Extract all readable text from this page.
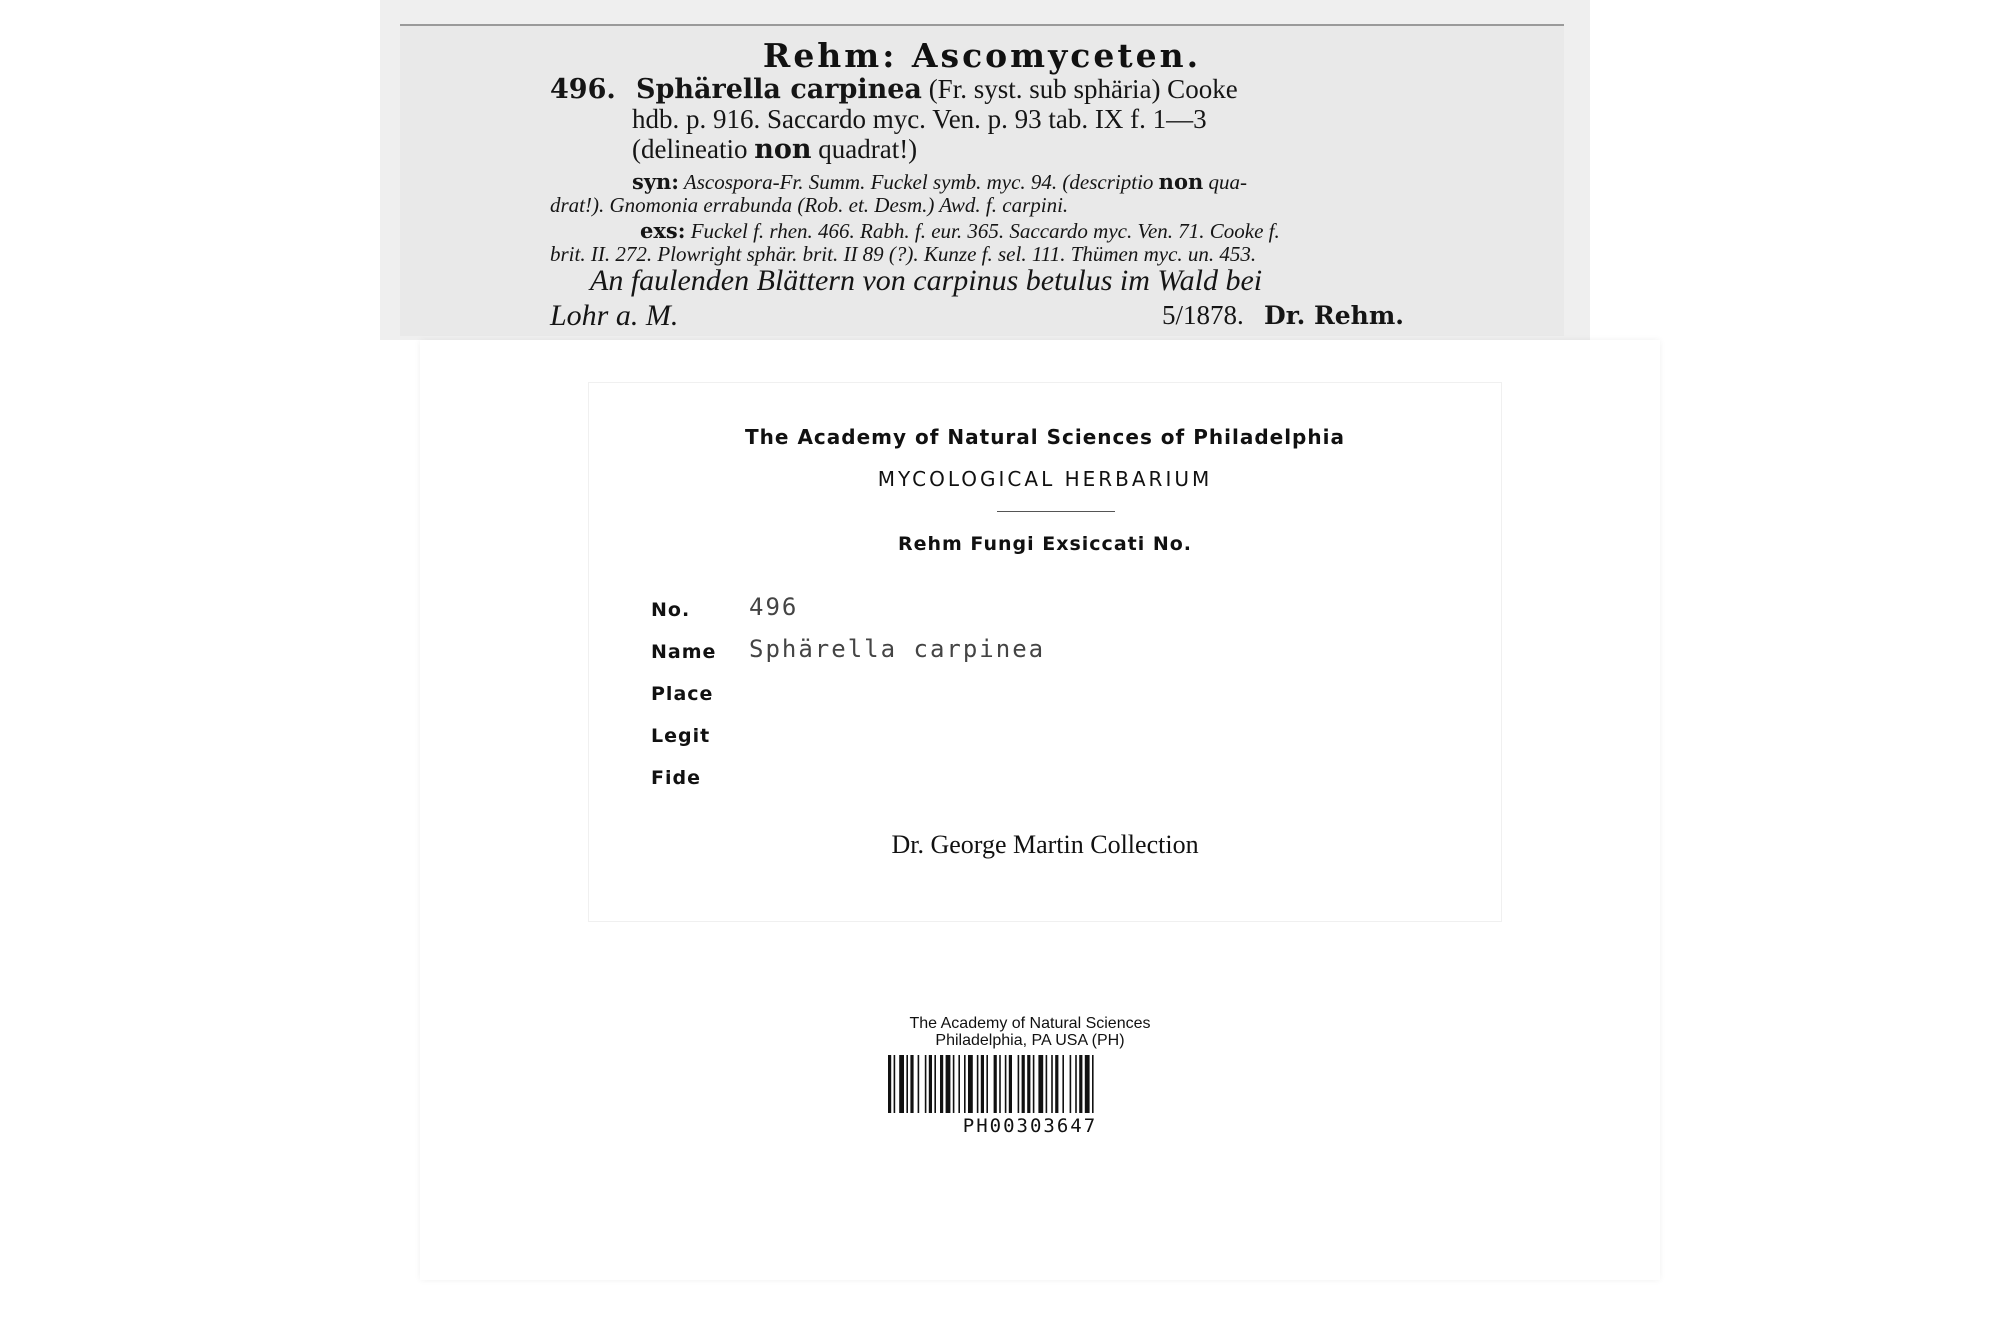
Rehm: Ascomyceten.
496. Sphärella carpinea (Fr. syst. sub sphäria) Cooke
hdb. p. 916. Saccardo myc. Ven. p. 93 tab. IX f. 1—3
(delineatio non quadrat!)
syn: Ascospora-Fr. Summ. Fuckel symb. myc. 94. (descriptio non qua-
drat!). Gnomonia errabunda (Rob. et. Desm.) Awd. f. carpini.
exs: Fuckel f. rhen. 466. Rabh. f. eur. 365. Saccardo myc. Ven. 71. Cooke f.
brit. II. 272. Plowright sphär. brit. II 89 (?). Kunze f. sel. 111. Thümen myc. un. 453.
An faulenden Blättern von carpinus betulus im Wald bei
Lohr a. M.	5/1878. Dr. Rehm.
The Academy of Natural Sciences of Philadelphia
MYCOLOGICAL HERBARIUM
Rehm Fungi Exsiccati No.
No. 496
Name Sphärella carpinea
Place
Legit
Fide
Dr. George Martin Collection
The Academy of Natural Sciences
Philadelphia, PA USA (PH)
PH00303647
